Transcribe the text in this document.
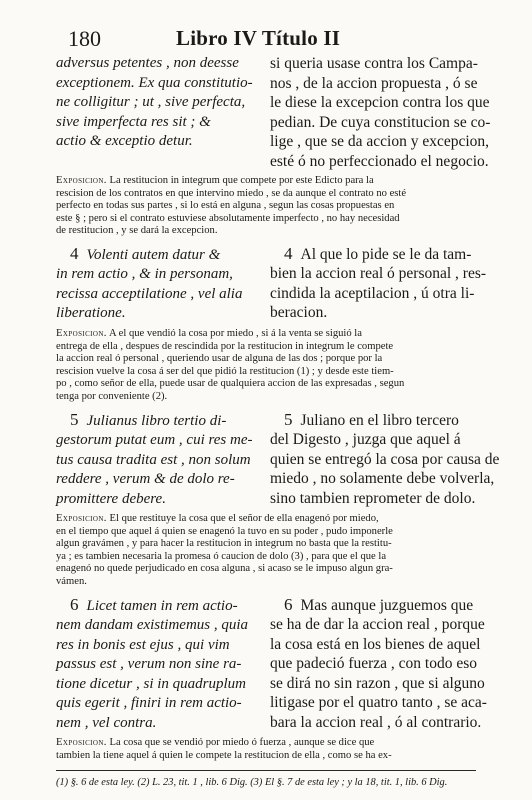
180	Libro IV Título II
adversus petentes , non deesse
exceptionem. Ex qua constitutio-
ne colligitur ; ut , sive perfecta,
sive imperfecta res sit ; &
actio & exceptio detur.
si queria usase contra los Campa-
nos , de la accion propuesta , ó se
le diese la excepcion contra los que
pedian. De cuya constitucion se co-
lige , que se da accion y excepcion,
esté ó no perfeccionado el negocio.
Exposicion. La restitucion in integrum que compete por este Edicto para la
rescision de los contratos en que intervino miedo , se da aunque el contrato no esté
perfecto en todas sus partes , si lo está en alguna , segun las cosas propuestas en
este § ; pero si el contrato estuviese absolutamente imperfecto , no hay necesidad
de restitucion , y se dará la excepcion.
4 Volenti autem datur &
in rem actio , & in personam,
recissa acceptilatione , vel alia
liberatione.
4 Al que lo pide se le da tam-
bien la accion real ó personal , res-
cindida la aceptilacion , ú otra li-
beracion.
Exposicion. A el que vendió la cosa por miedo , si á la venta se siguió la
entrega de ella , despues de rescindida por la restitucion in integrum le compete
la accion real ó personal , queriendo usar de alguna de las dos ; porque por la
rescision vuelve la cosa á ser del que pidió la restitucion (1) ; y desde este tiem-
po , como señor de ella, puede usar de qualquiera accion de las expresadas , segun
tenga por conveniente (2).
5 Julianus libro tertio di-
gestorum putat eum , cui res me-
tus causa tradita est , non solum
reddere , verum & de dolo re-
promittere debere.
5 Juliano en el libro tercero
del Digesto , juzga que aquel á
quien se entregó la cosa por causa de
miedo , no solamente debe volverla,
sino tambien reprometer de dolo.
Exposicion. El que restituye la cosa que el señor de ella enagenó por miedo,
en el tiempo que aquel á quien se enagenó la tuvo en su poder , pudo imponerle
algun gravámen , y para hacer la restitucion in integrum no basta que la restitu-
ya ; es tambien necesaria la promesa ó caucion de dolo (3) , para que el que la
enagenó no quede perjudicado en cosa alguna , si acaso se le impuso algun gra-
vámen.
6 Licet tamen in rem actio-
nem dandam existimemus , quia
res in bonis est ejus , qui vim
passus est , verum non sine ra-
tione dicetur , si in quadruplum
quis egerit , finiri in rem actio-
nem , vel contra.
6 Mas aunque juzguemos que
se ha de dar la accion real , porque
la cosa está en los bienes de aquel
que padeció fuerza , con todo eso
se dirá no sin razon , que si alguno
litigase por el quatro tanto , se aca-
bara la accion real , ó al contrario.
Exposicion. La cosa que se vendió por miedo ó fuerza , aunque se dice que
tambien la tiene aquel á quien le compete la restitucion de ella , como se ha ex-
(1) §. 6 de esta ley. (2) L. 23, tit. 1 , lib. 6 Dig. (3) El §. 7 de esta ley ; y la 18, tit. 1, lib. 6 Dig.
